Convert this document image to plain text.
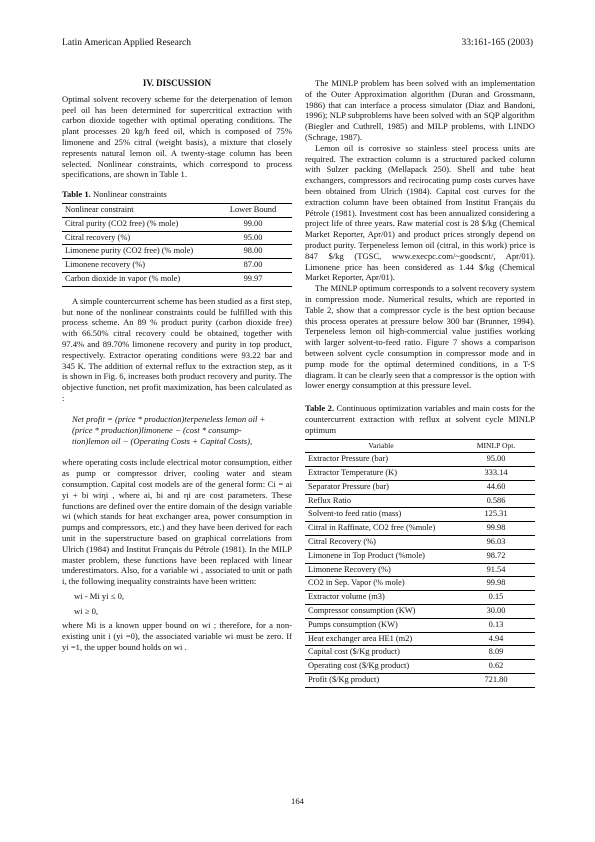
Latin American Applied Research	33:161-165 (2003)
IV. DISCUSSION

Optimal solvent recovery scheme for the deterpenation of lemon peel oil has been determined for supercritical extraction with carbon dioxide together with optimal operating conditions. The plant processes 20 kg/h feed oil, which is composed of 75% limonene and 25% citral (weight basis), a mixture that closely represents natural lemon oil. A twenty-stage column has been selected. Nonlinear constraints, which correspond to process specifications, are shown in Table 1.

Table 1. Nonlinear constraints
Nonlinear constraint	Lower Bound
Citral purity (CO2 free) (% mole)	99.00
Citral recovery (%)	95.00
Limonene purity (CO2 free) (% mole)	98.00
Limonene recovery (%)	87.00
Carbon dioxide in vapor (% mole)	99.97

A simple countercurrent scheme has been studied as a first step, but none of the nonlinear constraints could be fulfilled with this process scheme. An 89 % product purity (carbon dioxide free) with 66.50% citral recovery could be obtained, together with 97.4% and 89.70% limonene recovery and purity in top product, respectively. Extractor operating conditions were 93.22 bar and 345 K. The addition of external reflux to the extraction step, as it is shown in Fig. 6, increases both product recovery and purity. The objective function, net profit maximization, has been calculated as :

Net profit = (price * production)terpeneless lemon oil +
(price * production)limonene − (cost * consump-
tion)lemon oil − (Operating Costs + Capital Costs),

where operating costs include electrical motor consumption, either as pump or compressor driver, cooling water and steam consumption. Capital cost models are of the general form: Ci = ai yi + bi wiηi , where ai, bi and ηi are cost parameters. These functions are defined over the entire domain of the design variable wi (which stands for heat exchanger area, power consumption in pumps and compressors, etc.) and they have been derived for each unit in the superstructure based on graphical correlations from Ulrich (1984) and Institut Français du Pétrole (1981). In the MILP master problem, these functions have been replaced with linear underestimators. Also, for a variable wi , associated to unit or path i, the following inequality constraints have been written:

wi - Mi yi ≤ 0,
wi ≥ 0,

where Mi is a known upper bound on wi ; therefore, for a non-existing unit i (yi =0), the associated variable wi must be zero. If yi =1, the upper bound holds on wi .

The MINLP problem has been solved with an implementation of the Outer Approximation algorithm (Duran and Grossmann, 1986) that can interface a process simulator (Diaz and Bandoni, 1996); NLP subproblems have been solved with an SQP algorithm (Biegler and Cuthrell, 1985) and MILP problems, with LINDO (Schrage, 1987).

Lemon oil is corrosive so stainless steel process units are required. The extraction column is a structured packed column with Sulzer packing (Mellapack 250). Shell and tube heat exchangers, compressors and recirocating pump costs curves have been obtained from Ulrich (1984). Capital cost curves for the extraction column have been obtained from Institut Français du Pétrole (1981). Investment cost has been annualized considering a project life of three years. Raw material cost is 28 $/kg (Chemical Market Reporter, Apr/01) and product prices strongly depend on product purity. Terpeneless lemon oil (citral, in this work) price is 847 $/kg (TGSC, www.execpc.com/~goodscnt/, Apr/01). Limonene price has been considered as 1.44 $/kg (Chemical Market Reporter, Apr/01).

The MINLP optimum corresponds to a solvent recovery system in compression mode. Numerical results, which are reported in Table 2, show that a compressor cycle is the best option because this process operates at pressure below 300 bar (Brunner, 1994). Terpeneless lemon oil high-commercial value justifies working with larger solvent-to-feed ratio. Figure 7 shows a comparison between solvent cycle consumption in compressor mode and in pump mode for the optimal determined conditions, in a T-S diagram. It can be clearly seen that a compressor is the option with lower energy consumption at this pressure level.

Table 2. Continuous optimization variables and main costs for the countercurrent extraction with reflux at solvent cycle MINLP optimum
Variable	MINLP Opt.
Extractor Pressure (bar)	95.00
Extractor Temperature (K)	333.14
Separator Pressure (bar)	44.60
Reflux Ratio	0.586
Solvent-to feed ratio (mass)	125.31
Citral in Raffinate, CO2 free (%mole)	99.98
Citral Recovery (%)	96.03
Limonene in Top Product (%mole)	98.72
Limonene Recovery (%)	91.54
CO2 in Sep. Vapor (% mole)	99.98
Extractor volume (m3)	0.15
Compressor consumption (KW)	30.00
Pumps consumption (KW)	0.13
Heat exchanger area HE1 (m2)	4.94
Capital cost ($/Kg product)	8.09
Operating cost ($/Kg product)	0.62
Profit ($/Kg product)	721.80
164
